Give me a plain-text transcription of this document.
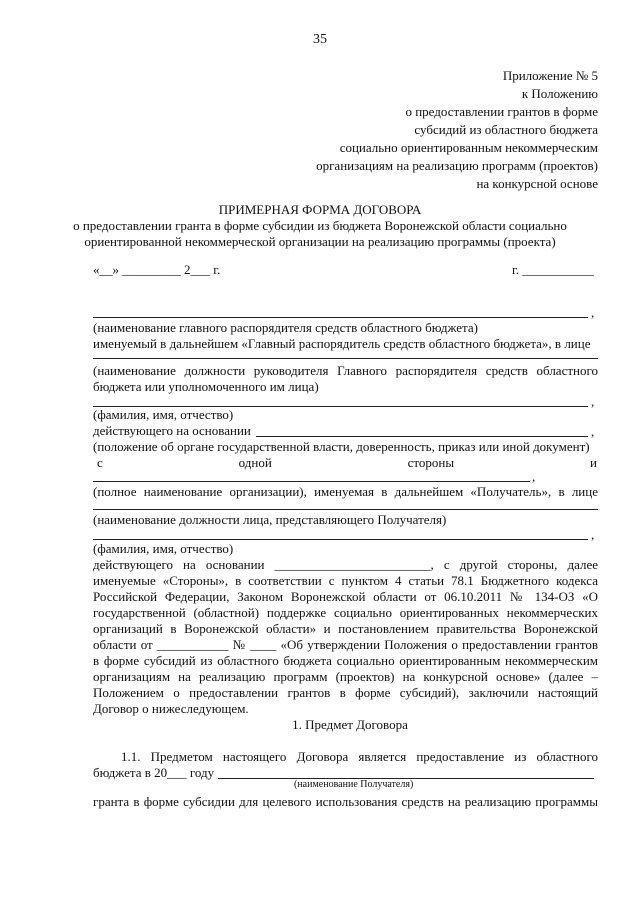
35
Приложение № 5
к Положению
о предоставлении грантов в форме
субсидий из областного бюджета
социально ориентированным некоммерческим
организациям на реализацию программ (проектов)
на конкурсной основе
ПРИМЕРНАЯ ФОРМА ДОГОВОРА
о предоставлении гранта в форме субсидии из бюджета Воронежской области социально
ориентированной некоммерческой организации на реализацию программы (проекта)
«__» _________ 2___ г.	г. ___________
,
(наименование главного распорядителя средств областного бюджета)
именуемый в дальнейшем «Главный распорядитель средств областного бюджета», в лице
(наименование должности руководителя Главного распорядителя средств областного
бюджета или уполномоченного им лица)
,
(фамилия, имя, отчество)
действующего на основании	,
(положение об органе государственной власти, доверенность, приказ или иной документ)
с	одной	стороны	и
,
(полное наименование организации), именуемая в дальнейшем «Получатель», в лице
(наименование должности лица, представляющего Получателя)
,
(фамилия, имя, отчество)
действующего на основании ________________________, с другой стороны, далее
именуемые «Стороны», в соответствии с пунктом 4 статьи 78.1 Бюджетного кодекса
Российской Федерации, Законом Воронежской области от 06.10.2011 № 134-ОЗ «О
государственной (областной) поддержке социально ориентированных некоммерческих
организаций в Воронежской области» и постановлением правительства Воронежской
области от ___________ № ____ «Об утверждении Положения о предоставлении грантов
в форме субсидий из областного бюджета социально ориентированным некоммерческим
организациям на реализацию программ (проектов) на конкурсной основе» (далее –
Положением о предоставлении грантов в форме субсидий), заключили настоящий
Договор о нижеследующем.
1. Предмет Договора
1.1. Предметом настоящего Договора является предоставление из областного
бюджета в 20___ году
(наименование Получателя)
гранта в форме субсидии для целевого использования средств на реализацию программы
